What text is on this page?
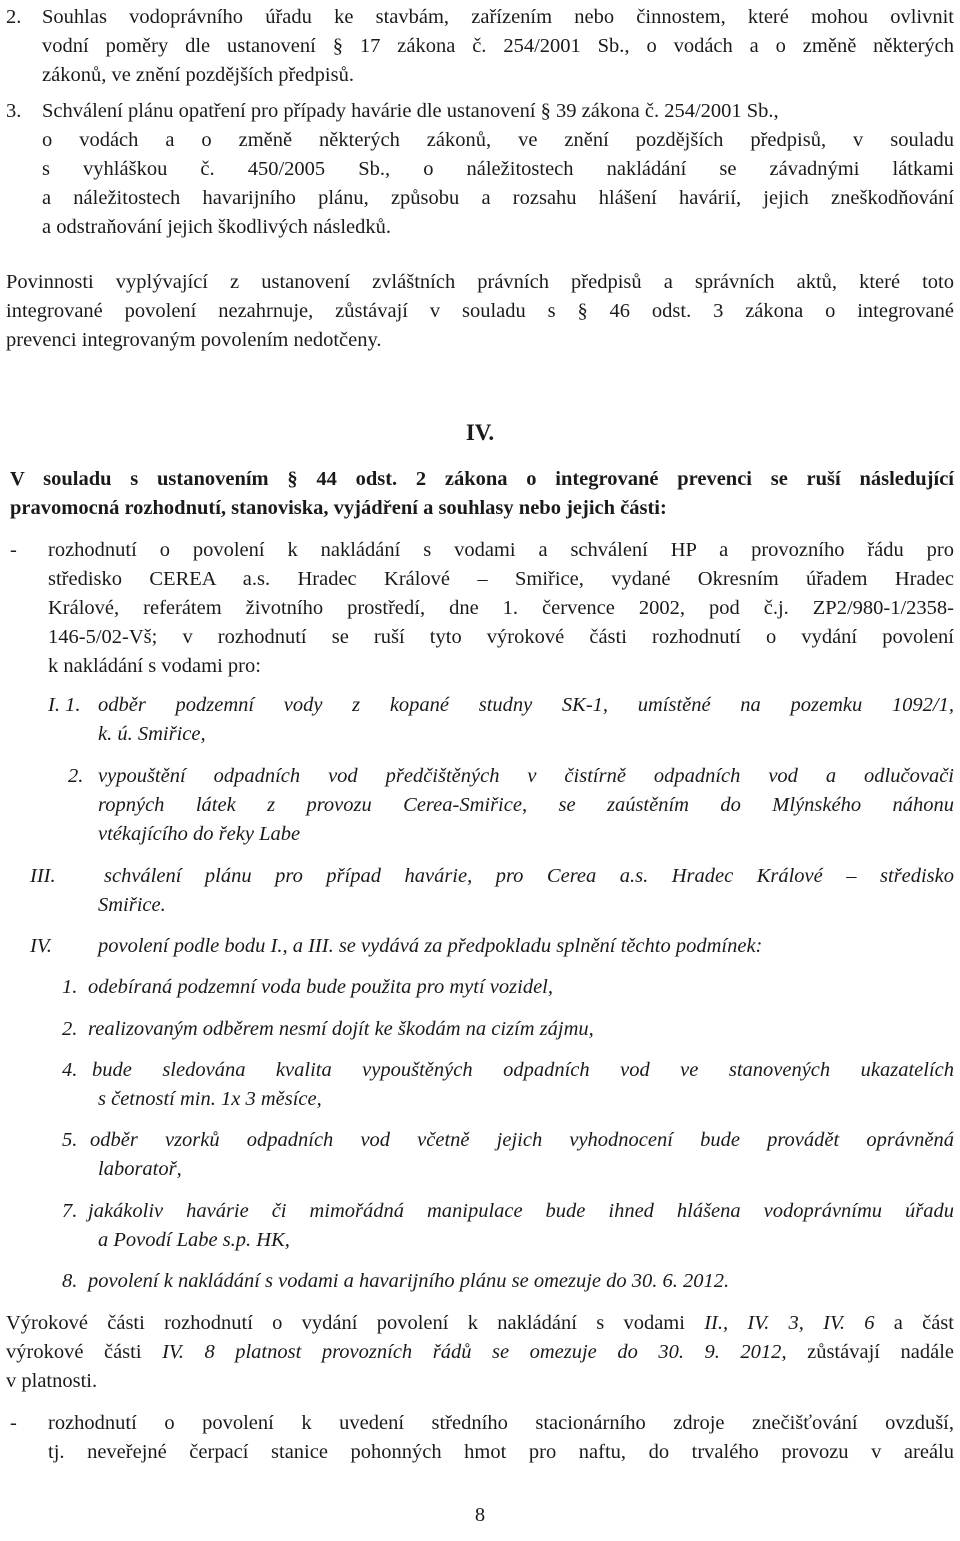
2. Souhlas vodoprávního úřadu ke stavbám, zařízením nebo činnostem, které mohou ovlivnit
vodní poměry dle ustanovení § 17 zákona č. 254/2001 Sb., o vodách a o změně některých
zákonů, ve znění pozdějších předpisů.
3. Schválení plánu opatření pro případy havárie dle ustanovení § 39 zákona č. 254/2001 Sb.,
o vodách a o změně některých zákonů, ve znění pozdějších předpisů, v souladu
s vyhláškou č. 450/2005 Sb., o náležitostech nakládání se závadnými látkami
a náležitostech havarijního plánu, způsobu a rozsahu hlášení havárií, jejich zneškodňování
a odstraňování jejich škodlivých následků.
Povinnosti vyplývající z ustanovení zvláštních právních předpisů a správních aktů, které toto
integrované povolení nezahrnuje, zůstávají v souladu s § 46 odst. 3 zákona o integrované
prevenci integrovaným povolením nedotčeny.
IV.
V souladu s ustanovením § 44 odst. 2 zákona o integrované prevenci se ruší následující
pravomocná rozhodnutí, stanoviska, vyjádření a souhlasy nebo jejich části:
- rozhodnutí o povolení k nakládání s vodami a schválení HP a provozního řádu pro
středisko CEREA a.s. Hradec Králové – Smiřice, vydané Okresním úřadem Hradec
Králové, referátem životního prostředí, dne 1. července 2002, pod č.j. ZP2/980-1/2358-
146-5/02-Vš; v rozhodnutí se ruší tyto výrokové části rozhodnutí o vydání povolení
k nakládání s vodami pro:
I. 1. odběr podzemní vody z kopané studny SK-1, umístěné na pozemku 1092/1,
k. ú. Smiřice,
2. vypouštění odpadních vod předčištěných v čistírně odpadních vod a odlučovači
ropných látek z provozu Cerea-Smiřice, se zaústěním do Mlýnského náhonu
vtékajícího do řeky Labe
III. schválení plánu pro případ havárie, pro Cerea a.s. Hradec Králové – středisko
Smiřice.
IV. povolení podle bodu I., a III. se vydává za předpokladu splnění těchto podmínek:
1. odebíraná podzemní voda bude použita pro mytí vozidel,
2. realizovaným odběrem nesmí dojít ke škodám na cizím zájmu,
4. bude sledována kvalita vypouštěných odpadních vod ve stanovených ukazatelích
s četností min. 1x 3 měsíce,
5. odběr vzorků odpadních vod včetně jejich vyhodnocení bude provádět oprávněná
laboratoř,
7. jakákoliv havárie či mimořádná manipulace bude ihned hlášena vodoprávnímu úřadu
a Povodí Labe s.p. HK,
8. povolení k nakládání s vodami a havarijního plánu se omezuje do 30. 6. 2012.
Výrokové části rozhodnutí o vydání povolení k nakládání s vodami II., IV. 3, IV. 6 a část
výrokové části IV. 8 platnost provozních řádů se omezuje do 30. 9. 2012, zůstávají nadále
v platnosti.
- rozhodnutí o povolení k uvedení středního stacionárního zdroje znečišťování ovzduší,
tj. neveřejné čerpací stanice pohonných hmot pro naftu, do trvalého provozu v areálu
8
